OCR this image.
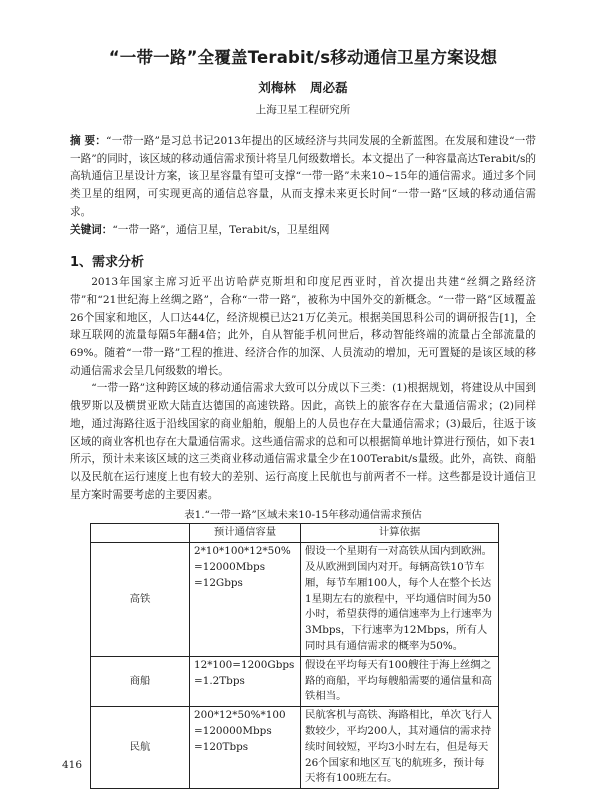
“一带一路”全覆盖Terabit/s移动通信卫星方案设想
刘梅林 周必磊
上海卫星工程研究所
摘 要：“一带一路”是习总书记2013年提出的区域经济与共同发展的全新蓝图。在发展和建设“一带一路”的同时，该区域的移动通信需求预计将呈几何级数增长。本文提出了一种容量高达Terabit/s的高轨通信卫星设计方案，该卫星容量有望可支撑“一带一路”未来10~15年的通信需求。通过多个同类卫星的组网，可实现更高的通信总容量，从而支撑未来更长时间“一带一路”区域的移动通信需求。
关键词：“一带一路”，通信卫星，Terabit/s，卫星组网
1、需求分析
2013年国家主席习近平出访哈萨克斯坦和印度尼西亚时，首次提出共建“丝绸之路经济带”和“21世纪海上丝绸之路”，合称“一带一路”，被称为中国外交的新概念。“一带一路”区域覆盖26个国家和地区，人口达44亿，经济规模已达21万亿美元。根据美国思科公司的调研报告[1]，全球互联网的流量每隔5年翻4倍；此外，自从智能手机问世后，移动智能终端的流量占全部流量的69%。随着“一带一路”工程的推进、经济合作的加深、人员流动的增加，无可置疑的是该区域的移动通信需求会呈几何级数的增长。
“一带一路”这种跨区域的移动通信需求大致可以分成以下三类：(1)根据规划，将建设从中国到俄罗斯以及横贯亚欧大陆直达德国的高速铁路。因此，高铁上的旅客存在大量通信需求；(2)同样地，通过海路往返于沿线国家的商业船舶，舰船上的人员也存在大量通信需求；(3)最后，往返于该区域的商业客机也存在大量通信需求。这些通信需求的总和可以根据简单地计算进行预估，如下表1所示，预计未来该区域的这三类商业移动通信需求量全少在100Terabit/s量级。此外，高铁、商船以及民航在运行速度上也有较大的差别、运行高度上民航也与前两者不一样。这些都是设计通信卫星方案时需要考虑的主要因素。
表1.“一带一路”区域未来10-15年移动通信需求预估
	预计通信容量	计算依据
高铁	2*10*100*12*50%
=12000Mbps
=12Gbps	假设一个星期有一对高铁从国内到欧洲。及从欧洲到国内对开。每辆高铁10节车厢，每节车厢100人，每个人在整个长达1星期左右的旅程中，平均通信时间为50小时，希望获得的通信速率为上行速率为3Mbps，下行速率为12Mbps，所有人同时具有通信需求的概率为50%。
商船	12*100=1200Gbps
=1.2Tbps	假设在平均每天有100艘往于海上丝绸之路的商船，平均每艘船需要的通信量和高铁相当。
民航	200*12*50%*100
=120000Mbps
=120Tbps	民航客机与高铁、海路相比，单次飞行人数较少，平均200人，其对通信的需求持续时间较短，平均3小时左右，但是每天26个国家和地区互飞的航班多，预计每天将有100班左右。
416
